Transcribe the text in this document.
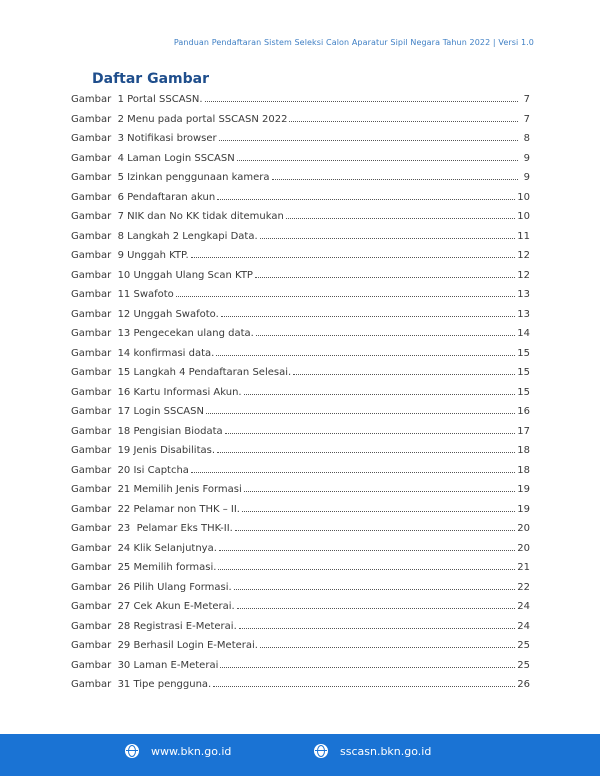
Panduan Pendaftaran Sistem Seleksi Calon Aparatur Sipil Negara Tahun 2022 | Versi 1.0
Daftar Gambar
Gambar  1 Portal SSCASN.	7
Gambar  2 Menu pada portal SSCASN 2022	7
Gambar  3 Notifikasi browser	8
Gambar  4 Laman Login SSCASN	9
Gambar  5 Izinkan penggunaan kamera	9
Gambar  6 Pendaftaran akun	10
Gambar  7 NIK dan No KK tidak ditemukan	10
Gambar  8 Langkah 2 Lengkapi Data.	11
Gambar  9 Unggah KTP.	12
Gambar  10 Unggah Ulang Scan KTP	12
Gambar  11 Swafoto	13
Gambar  12 Unggah Swafoto.	13
Gambar  13 Pengecekan ulang data.	14
Gambar  14 konfirmasi data.	15
Gambar  15 Langkah 4 Pendaftaran Selesai.	15
Gambar  16 Kartu Informasi Akun.	15
Gambar  17 Login SSCASN	16
Gambar  18 Pengisian Biodata	17
Gambar  19 Jenis Disabilitas.	18
Gambar  20 Isi Captcha	18
Gambar  21 Memilih Jenis Formasi	19
Gambar  22 Pelamar non THK – II.	19
Gambar  23  Pelamar Eks THK-II.	20
Gambar  24 Klik Selanjutnya.	20
Gambar  25 Memilih formasi.	21
Gambar  26 Pilih Ulang Formasi.	22
Gambar  27 Cek Akun E-Meterai.	24
Gambar  28 Registrasi E-Meterai.	24
Gambar  29 Berhasil Login E-Meterai.	25
Gambar  30 Laman E-Meterai	25
Gambar  31 Tipe pengguna.	26
www.bkn.go.id	sscasn.bkn.go.id
